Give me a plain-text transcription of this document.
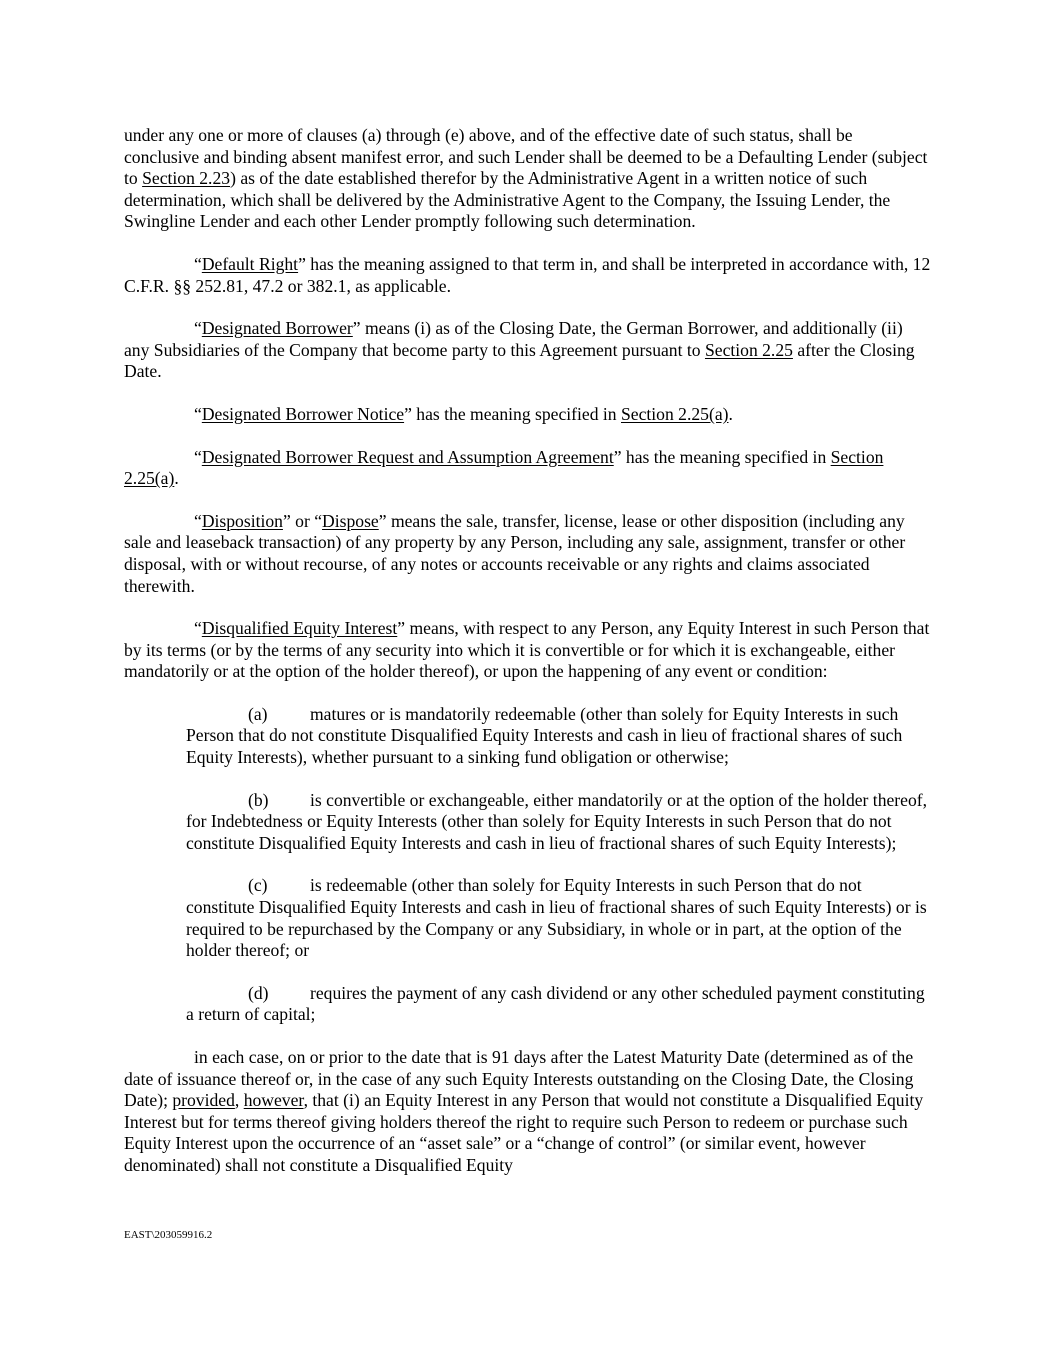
under any one or more of clauses (a) through (e) above, and of the effective date of such status, shall be conclusive and binding absent manifest error, and such Lender shall be deemed to be a Defaulting Lender (subject to Section 2.23) as of the date established therefor by the Administrative Agent in a written notice of such determination, which shall be delivered by the Administrative Agent to the Company, the Issuing Lender, the Swingline Lender and each other Lender promptly following such determination.

“Default Right” has the meaning assigned to that term in, and shall be interpreted in accordance with, 12 C.F.R. §§ 252.81, 47.2 or 382.1, as applicable.

“Designated Borrower” means (i) as of the Closing Date, the German Borrower, and additionally (ii) any Subsidiaries of the Company that become party to this Agreement pursuant to Section 2.25 after the Closing Date.

“Designated Borrower Notice” has the meaning specified in Section 2.25(a).

“Designated Borrower Request and Assumption Agreement” has the meaning specified in Section 2.25(a).

“Disposition” or “Dispose” means the sale, transfer, license, lease or other disposition (including any sale and leaseback transaction) of any property by any Person, including any sale, assignment, transfer or other disposal, with or without recourse, of any notes or accounts receivable or any rights and claims associated therewith.

“Disqualified Equity Interest” means, with respect to any Person, any Equity Interest in such Person that by its terms (or by the terms of any security into which it is convertible or for which it is exchangeable, either mandatorily or at the option of the holder thereof), or upon the happening of any event or condition:

(a) matures or is mandatorily redeemable (other than solely for Equity Interests in such Person that do not constitute Disqualified Equity Interests and cash in lieu of fractional shares of such Equity Interests), whether pursuant to a sinking fund obligation or otherwise;

(b) is convertible or exchangeable, either mandatorily or at the option of the holder thereof, for Indebtedness or Equity Interests (other than solely for Equity Interests in such Person that do not constitute Disqualified Equity Interests and cash in lieu of fractional shares of such Equity Interests);

(c) is redeemable (other than solely for Equity Interests in such Person that do not constitute Disqualified Equity Interests and cash in lieu of fractional shares of such Equity Interests) or is required to be repurchased by the Company or any Subsidiary, in whole or in part, at the option of the holder thereof; or

(d) requires the payment of any cash dividend or any other scheduled payment constituting a return of capital;

in each case, on or prior to the date that is 91 days after the Latest Maturity Date (determined as of the date of issuance thereof or, in the case of any such Equity Interests outstanding on the Closing Date, the Closing Date); provided, however, that (i) an Equity Interest in any Person that would not constitute a Disqualified Equity Interest but for terms thereof giving holders thereof the right to require such Person to redeem or purchase such Equity Interest upon the occurrence of an “asset sale” or a “change of control” (or similar event, however denominated) shall not constitute a Disqualified Equity

EAST\203059916.2
